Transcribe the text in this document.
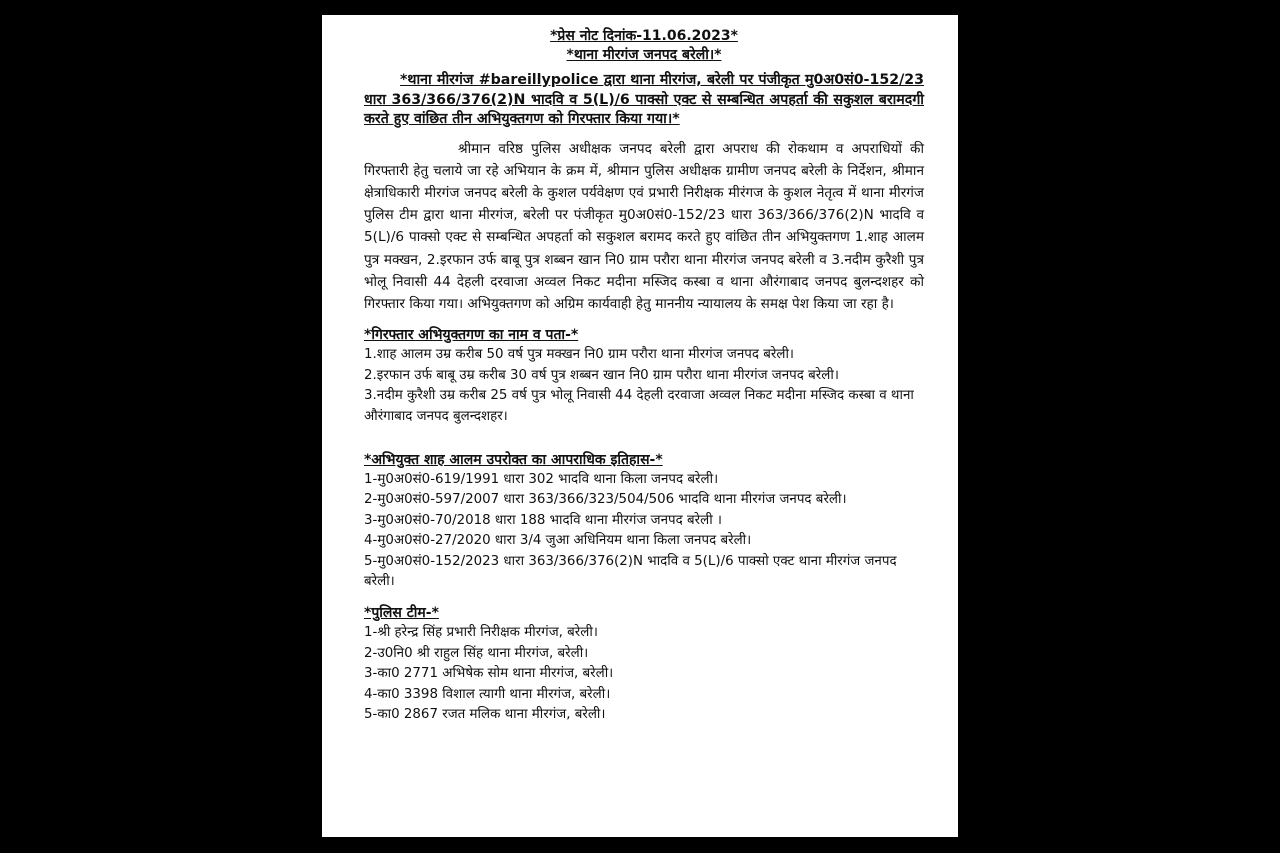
*प्रेस नोट दिनांक-11.06.2023*
*थाना मीरगंज जनपद बरेली।*
*थाना मीरगंज #bareillypolice द्वारा थाना मीरगंज, बरेली पर पंजीकृत मु0अ0सं0-152/23 धारा 363/366/376(2)N भादवि व 5(L)/6 पाक्सो एक्ट से सम्बन्धित अपहर्ता की सकुशल बरामदगी करते हुए वांछित तीन अभियुक्तगण को गिरफ्तार किया गया।*
श्रीमान वरिष्ठ पुलिस अधीक्षक जनपद बरेली द्वारा अपराध की रोकथाम व अपराधियों की गिरफ्तारी हेतु चलाये जा रहे अभियान के क्रम में, श्रीमान पुलिस अधीक्षक ग्रामीण जनपद बरेली के निर्देशन, श्रीमान क्षेत्राधिकारी मीरगंज जनपद बरेली के कुशल पर्यवेक्षण एवं प्रभारी निरीक्षक मीरंगज के कुशल नेतृत्व में थाना मीरगंज पुलिस टीम द्वारा थाना मीरगंज, बरेली पर पंजीकृत मु0अ0सं0-152/23 धारा 363/366/376(2)N भादवि व 5(L)/6 पाक्सो एक्ट से सम्बन्धित अपहर्ता को सकुशल बरामद करते हुए वांछित तीन अभियुक्तगण 1.शाह आलम पुत्र मक्खन, 2.इरफान उर्फ बाबू पुत्र शब्बन खान नि0 ग्राम परौरा थाना मीरगंज जनपद बरेली व 3.नदीम कुरैशी पुत्र भोलू निवासी 44 देहली दरवाजा अव्वल निकट मदीना मस्जिद कस्बा व थाना औरंगाबाद जनपद बुलन्दशहर को गिरफ्तार किया गया। अभियुक्तगण को अग्रिम कार्यवाही हेतु माननीय न्यायालय के समक्ष पेश किया जा रहा है।
*गिरफ्तार अभियुक्तगण का नाम व पता-*
1.शाह आलम उम्र करीब 50 वर्ष पुत्र मक्खन नि0 ग्राम परौरा थाना मीरगंज जनपद बरेली।
2.इरफान उर्फ बाबू उम्र करीब 30 वर्ष पुत्र शब्बन खान नि0 ग्राम परौरा थाना मीरगंज जनपद बरेली।
3.नदीम कुरैशी उम्र करीब 25 वर्ष पुत्र भोलू निवासी 44 देहली दरवाजा अव्वल निकट मदीना मस्जिद कस्बा व थाना औरंगाबाद जनपद बुलन्दशहर।
*अभियुक्त शाह आलम उपरोक्त का आपराधिक इतिहास-*
1-मु0अ0सं0-619/1991 धारा 302 भादवि थाना किला जनपद बरेली।
2-मु0अ0सं0-597/2007 धारा 363/366/323/504/506 भादवि थाना मीरगंज जनपद बरेली।
3-मु0अ0सं0-70/2018 धारा 188 भादवि थाना मीरगंज जनपद बरेली ।
4-मु0अ0सं0-27/2020 धारा 3/4 जुआ अधिनियम थाना किला जनपद बरेली।
5-मु0अ0सं0-152/2023 धारा 363/366/376(2)N भादवि व 5(L)/6 पाक्सो एक्ट थाना मीरगंज जनपद बरेली।
*पुलिस टीम-*
1-श्री हरेन्द्र सिंह प्रभारी निरीक्षक मीरगंज, बरेली।
2-उ0नि0 श्री राहुल सिंह थाना मीरगंज, बरेली।
3-का0 2771 अभिषेक सोम थाना मीरगंज, बरेली।
4-का0 3398 विशाल त्यागी थाना मीरगंज, बरेली।
5-का0 2867 रजत मलिक थाना मीरगंज, बरेली।
